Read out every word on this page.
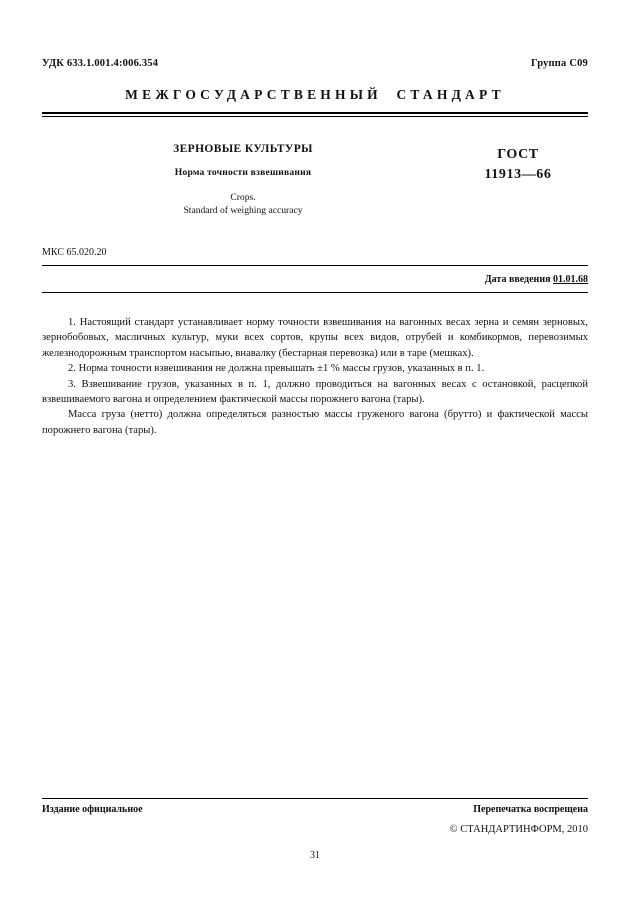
УДК 633.1.001.4:006.354	Группа С09
МЕЖГОСУДАРСТВЕННЫЙ СТАНДАРТ
ЗЕРНОВЫЕ КУЛЬТУРЫ
Норма точности взвешивания
Crops.
Standard of weighing accuracy
ГОСТ
11913—66
МКС 65.020.20
Дата введения 01.01.68

1. Настоящий стандарт устанавливает норму точности взвешивания на вагонных весах зерна и семян зерновых, зернобобовых, масличных культур, муки всех сортов, крупы всех видов, отрубей и комбикормов, перевозимых железнодорожным транспортом насыпью, внавалку (бестарная перевозка) или в таре (мешках).

2. Норма точности взвешивания не должна превышать ±1 % массы грузов, указанных в п. 1.

3. Взвешивание грузов, указанных в п. 1, должно проводиться на вагонных весах с остановкой, расцепкой взвешиваемого вагона и определением фактической массы порожнего вагона (тары).

Масса груза (нетто) должна определяться разностью массы груженого вагона (брутто) и фактической массы порожнего вагона (тары).

Издание официальное	Перепечатка воспрещена
© СТАНДАРТИНФОРМ, 2010
31
